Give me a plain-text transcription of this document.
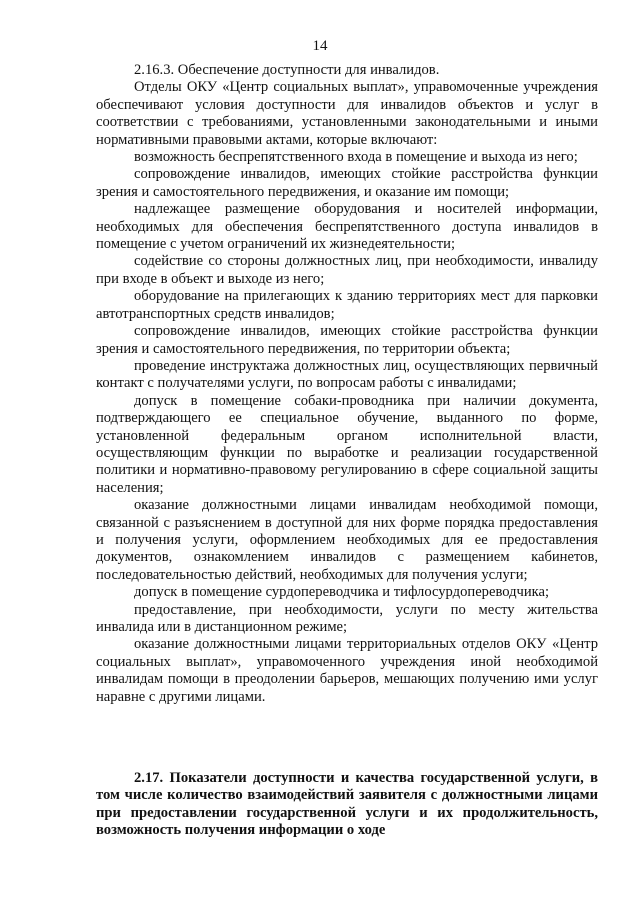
14

2.16.3. Обеспечение доступности для инвалидов.

Отделы ОКУ «Центр социальных выплат», управомоченные учреждения обеспечивают условия доступности для инвалидов объектов и услуг в соответствии с требованиями, установленными законодательными и иными нормативными правовыми актами, которые включают:

возможность беспрепятственного входа в помещение и выхода из него;

сопровождение инвалидов, имеющих стойкие расстройства функции зрения и самостоятельного передвижения, и оказание им помощи;

надлежащее размещение оборудования и носителей информации, необходимых для обеспечения беспрепятственного доступа инвалидов в помещение с учетом ограничений их жизнедеятельности;

содействие со стороны должностных лиц, при необходимости, инвалиду при входе в объект и выходе из него;

оборудование на прилегающих к зданию территориях мест для парковки автотранспортных средств инвалидов;

сопровождение инвалидов, имеющих стойкие расстройства функции зрения и самостоятельного передвижения, по территории объекта;

проведение инструктажа должностных лиц, осуществляющих первичный контакт с получателями услуги, по вопросам работы с инвалидами;

допуск в помещение собаки-проводника при наличии документа, подтверждающего ее специальное обучение, выданного по форме, установленной федеральным органом исполнительной власти, осуществляющим функции по выработке и реализации государственной политики и нормативно-правовому регулированию в сфере социальной защиты населения;

оказание должностными лицами инвалидам необходимой помощи, связанной с разъяснением в доступной для них форме порядка предоставления и получения услуги, оформлением необходимых для ее предоставления документов, ознакомлением инвалидов с размещением кабинетов, последовательностью действий, необходимых для получения услуги;

допуск в помещение сурдопереводчика и тифлосурдопереводчика;

предоставление, при необходимости, услуги по месту жительства инвалида или в дистанционном режиме;

оказание должностными лицами территориальных отделов ОКУ «Центр социальных выплат», управомоченного учреждения иной необходимой инвалидам помощи в преодолении барьеров, мешающих получению ими услуг наравне с другими лицами.

2.17. Показатели доступности и качества государственной услуги, в том числе количество взаимодействий заявителя с должностными лицами при предоставлении государственной услуги и их продолжительность, возможность получения информации о ходе
